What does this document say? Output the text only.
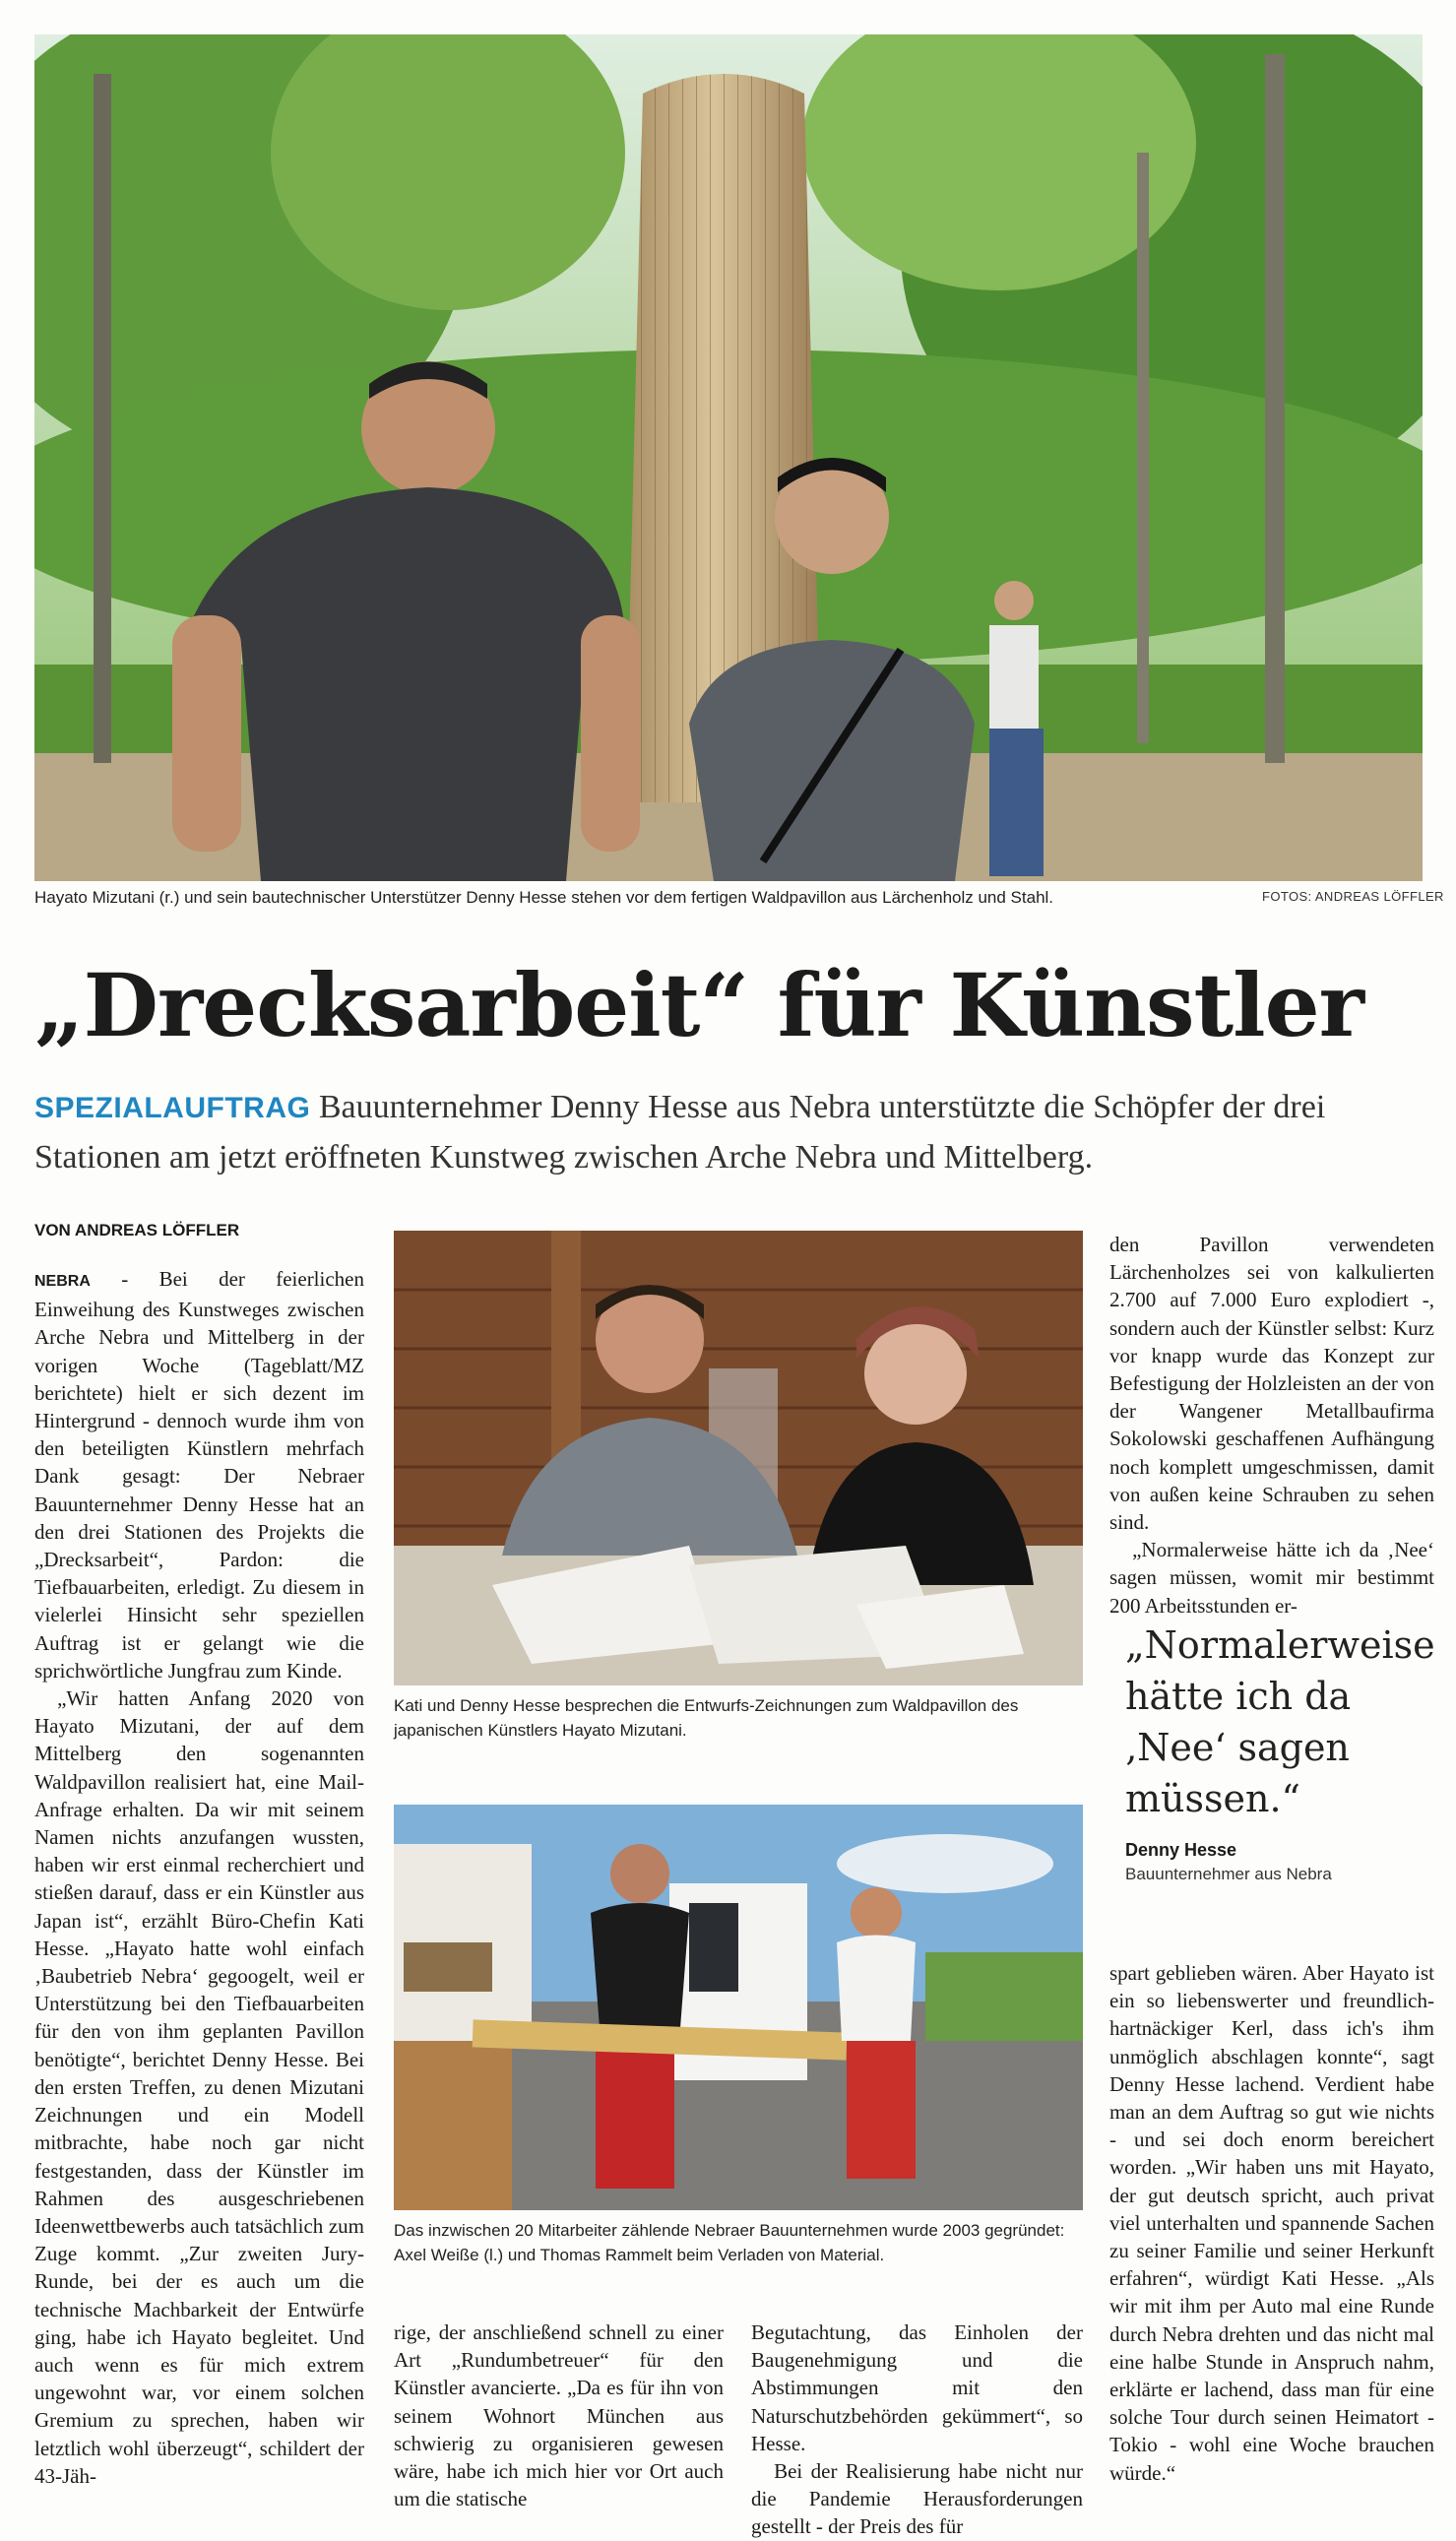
Hayato Mizutani (r.) und sein bautechnischer Unterstützer Denny Hesse stehen vor dem fertigen Waldpavillon aus Lärchenholz und Stahl.	FOTOS: ANDREAS LÖFFLER
„Drecksarbeit“ für Künstler
SPEZIALAUFTRAG Bauunternehmer Denny Hesse aus Nebra unterstützte die Schöpfer der drei Stationen am jetzt eröffneten Kunstweg zwischen Arche Nebra und Mittelberg.
VON ANDREAS LÖFFLER

NEBRA - Bei der feierlichen Einweihung des Kunstweges zwischen Arche Nebra und Mittelberg in der vorigen Woche (Tageblatt/MZ berichtete) hielt er sich dezent im Hintergrund - dennoch wurde ihm von den beteiligten Künstlern mehrfach Dank gesagt: Der Nebraer Bauunternehmer Denny Hesse hat an den drei Stationen des Projekts die „Drecksarbeit“, Pardon: die Tiefbauarbeiten, erledigt. Zu diesem in vielerlei Hinsicht sehr speziellen Auftrag ist er gelangt wie die sprichwörtliche Jungfrau zum Kinde.

„Wir hatten Anfang 2020 von Hayato Mizutani, der auf dem Mittelberg den sogenannten Waldpavillon realisiert hat, eine Mail-Anfrage erhalten. Da wir mit seinem Namen nichts anzufangen wussten, haben wir erst einmal recherchiert und stießen darauf, dass er ein Künstler aus Japan ist“, erzählt Büro-Chefin Kati Hesse. „Hayato hatte wohl einfach ‚Baubetrieb Nebra‘ gegoogelt, weil er Unterstützung bei den Tiefbauarbeiten für den von ihm geplanten Pavillon benötigte“, berichtet Denny Hesse. Bei den ersten Treffen, zu denen Mizutani Zeichnungen und ein Modell mitbrachte, habe noch gar nicht festgestanden, dass der Künstler im Rahmen des ausgeschriebenen Ideenwettbewerbs auch tatsächlich zum Zuge kommt. „Zur zweiten Jury-Runde, bei der es auch um die technische Machbarkeit der Entwürfe ging, habe ich Hayato begleitet. Und auch wenn es für mich extrem ungewohnt war, vor einem solchen Gremium zu sprechen, haben wir letztlich wohl überzeugt“, schildert der 43-Jäh-

Kati und Denny Hesse besprechen die Entwurfs-Zeichnungen zum Waldpavillon des japanischen Künstlers Hayato Mizutani.
Das inzwischen 20 Mitarbeiter zählende Nebraer Bauunternehmen wurde 2003 gegründet: Axel Weiße (l.) und Thomas Rammelt beim Verladen von Material.

rige, der anschließend schnell zu einer Art „Rundumbetreuer“ für den Künstler avancierte. „Da es für ihn von seinem Wohnort München aus schwierig zu organisieren gewesen wäre, habe ich mich hier vor Ort auch um die statische

Begutachtung, das Einholen der Baugenehmigung und die Abstimmungen mit den Naturschutzbehörden gekümmert“, so Hesse.

Bei der Realisierung habe nicht nur die Pandemie Herausforderungen gestellt - der Preis des für

den Pavillon verwendeten Lärchenholzes sei von kalkulierten 2.700 auf 7.000 Euro explodiert -, sondern auch der Künstler selbst: Kurz vor knapp wurde das Konzept zur Befestigung der Holzleisten an der von der Wangener Metallbaufirma Sokolowski geschaffenen Aufhängung noch komplett umgeschmissen, damit von außen keine Schrauben zu sehen sind.

„Normalerweise hätte ich da ‚Nee‘ sagen müssen, womit mir bestimmt 200 Arbeitsstunden er-

„Normalerweise hätte ich da ‚Nee‘ sagen müssen.“
Denny Hesse
Bauunternehmer aus Nebra

spart geblieben wären. Aber Hayato ist ein so liebenswerter und freundlich-hartnäckiger Kerl, dass ich's ihm unmöglich abschlagen konnte“, sagt Denny Hesse lachend. Verdient habe man an dem Auftrag so gut wie nichts - und sei doch enorm bereichert worden. „Wir haben uns mit Hayato, der gut deutsch spricht, auch privat viel unterhalten und spannende Sachen zu seiner Familie und seiner Herkunft erfahren“, würdigt Kati Hesse. „Als wir mit ihm per Auto mal eine Runde durch Nebra drehten und das nicht mal eine halbe Stunde in Anspruch nahm, erklärte er lachend, dass man für eine solche Tour durch seinen Heimatort - Tokio - wohl eine Woche brauchen würde.“
